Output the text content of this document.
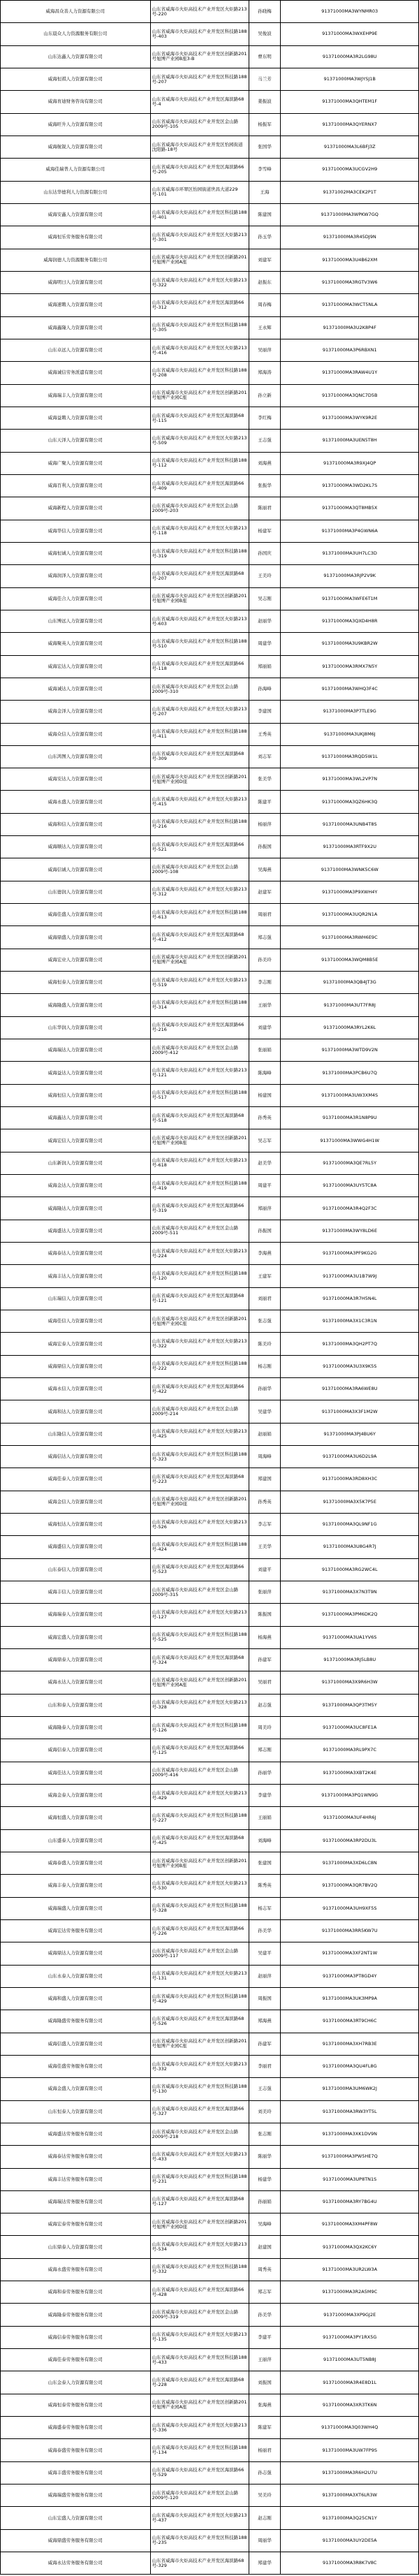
威海昌众善人力资源有限公司	山东省威海市火炬高技术产业开发区火炬路213号-220	孙晓梅	91371000MA3WYNMR03
山东晨众人力资源服务有限公司	山东省威海市火炬高技术产业开发区科技路188号-403	吴俊波	91371000MA3WXEHP9E
山东达鑫人力资源有限公司	山东省威海市火炬高技术产业开发区创新路201号旭博产业园B座3-B	曹东明	91371000MA3R2LG98U
威海恒祺人力资源有限公司	山东省威海市火炬高技术产业开发区科技路188号-207	马兰芳	91371000MA3WJYSJ1B
威海育迪财务咨询有限公司	山东省威海市火炬高技术产业开发区海滨路68号-4	姜振波	91371000MA3QHTEM1F
威海旺升人力资源有限公司	山东省威海市火炬高技术产业开发区金山路2009号-105	杨振军	91371000MA3QYERNX7
威海航锐人力资源有限公司	山东省威海市火炬高技术产业开发区怡园街道沈阳路-18号	张国华	91371000MA3L6BFJ3Z
威海佳瑞普人力资源有限公司	山东省威海市火炬高技术产业开发区海滨路66号-205	李雪峰	91371000MA3UCGV2H9
山东达华德利人力资源有限公司	山东省威海市环翠区怡园街道世昌大道229号-101	王海	91371002MA3CEK2P1T
威海安鑫人力资源有限公司	山东省威海市火炬高技术产业开发区科技路188号-401	陈建国	91371000MA3WPKW7GQ
威海恒乐劳务服务有限公司	山东省威海市火炬高技术产业开发区火炬路213号-301	孙玉华	91371000MA3R45DJ9N
威海润德人力资源服务有限公司	山东省威海市火炬高技术产业开发区创新路201号旭博产业园A座	刘建军	91371000MA3U4B62XM
威海明日人力资源有限公司	山东省威海市火炬高技术产业开发区火炬路213号-322	赵振东	91371000MA3RGTV3W6
威海速聘人力资源有限公司	山东省威海市火炬高技术产业开发区海滨路66号-312	周春梅	91371000MA3WCT5NLA
威海鑫隆人力资源有限公司	山东省威海市火炬高技术产业开发区科技路188号-305	王永辉	91371000MA3U2K8P4F
山东卓远人力资源有限公司	山东省威海市火炬高技术产业开发区火炬路213号-416	吴丽萍	91371000MA3P6RBXN1
威海诚信劳务派遣有限公司	山东省威海市火炬高技术产业开发区科技路188号-208	郑海涛	91371000MA3RAW4U1Y
威海瑞丰人力资源有限公司	山东省威海市火炬高技术产业开发区创新路201号旭博产业园C座	孙立新	91371000MA3QNC7D5B
威海益聘人力资源有限公司	山东省威海市火炬高技术产业开发区海滨路68号-115	李红梅	91371000MA3WYK9R2E
山东天泽人力资源有限公司	山东省威海市火炬高技术产业开发区火炬路213号-509	王志强	91371000MA3UEN5T8H
威海广聚人力资源有限公司	山东省威海市火炬高技术产业开发区科技路188号-112	刘海燕	91371000MA3R9XJ4QP
威海百利人力资源有限公司	山东省威海市火炬高技术产业开发区海滨路66号-409	张振华	91371000MA3WD2KL7S
威海新程人力资源有限公司	山东省威海市火炬高技术产业开发区金山路2009号-203	陈丽君	91371000MA3QT8MB5X
威海华信人力资源有限公司	山东省威海市火炬高技术产业开发区火炬路213号-118	杨建军	91371000MA3P4GWN6A
威海恒诚人力资源有限公司	山东省威海市火炬高技术产业开发区科技路188号-319	孙国庆	91371000MA3UH7LC3D
威海润泽人力资源有限公司	山东省威海市火炬高技术产业开发区海滨路68号-207	王美玲	91371000MA3RJP2V9K
威海佳合人力资源有限公司	山东省威海市火炬高技术产业开发区创新路201号旭博产业园B座	吴志刚	91371000MA3WFE6T1M
山东博远人力资源有限公司	山东省威海市火炬高技术产业开发区火炬路213号-603	赵丽华	91371000MA3QXD4H8R
威海聚英人力资源有限公司	山东省威海市火炬高技术产业开发区科技路188号-510	周建华	91371000MA3U9KBR2W
威海宏达人力资源有限公司	山东省威海市火炬高技术产业开发区海滨路66号-118	郑丽娟	91371000MA3RMX7N5Y
威海诚达人力资源有限公司	山东省威海市火炬高技术产业开发区金山路2009号-310	孙海峰	91371000MA3WHQ3F4C
威海金泽人力资源有限公司	山东省威海市火炬高技术产业开发区火炬路213号-207	李建国	91371000MA3P7TLE9G
威海众信人力资源有限公司	山东省威海市火炬高技术产业开发区科技路188号-411	王秀英	91371000MA3UKJ8M6J
山东鸿图人力资源有限公司	山东省威海市火炬高技术产业开发区海滨路68号-309	刘志军	91371000MA3RQD5W1L
威海安达人力资源有限公司	山东省威海市火炬高技术产业开发区创新路201号旭博产业园D座	张美华	91371000MA3WL2VP7N
威海永盛人力资源有限公司	山东省威海市火炬高技术产业开发区火炬路213号-415	陈建平	91371000MA3QZ6HK3Q
威海和信人力资源有限公司	山东省威海市火炬高技术产业开发区科技路188号-216	杨丽萍	91371000MA3UNB4T8S
威海顺达人力资源有限公司	山东省威海市火炬高技术产业开发区海滨路66号-521	孙振国	91371000MA3RTF9X2U
威海信诚人力资源有限公司	山东省威海市火炬高技术产业开发区金山路2009号-108	吴海燕	91371000MA3WNK5C6W
山东德润人力资源有限公司	山东省威海市火炬高技术产业开发区火炬路213号-312	赵建军	91371000MA3P9XWH4Y
威海佳盛人力资源有限公司	山东省威海市火炬高技术产业开发区科技路188号-613	周丽君	91371000MA3UQR2N1A
威海鼎盛人力资源有限公司	山东省威海市火炬高技术产业开发区海滨路68号-412	郑志强	91371000MA3RWH6E9C
威海宏业人力资源有限公司	山东省威海市火炬高技术产业开发区创新路201号旭博产业园A座	孙美玲	91371000MA3WQM8B5E
威海恒泰人力资源有限公司	山东省威海市火炬高技术产业开发区火炬路213号-519	李志刚	91371000MA3QB4JT3G
威海隆盛人力资源有限公司	山东省威海市火炬高技术产业开发区科技路188号-314	王丽华	91371000MA3UT7FR8J
山东华润人力资源有限公司	山东省威海市火炬高技术产业开发区海滨路66号-216	刘建华	91371000MA3RYL2K6L
威海瑞达人力资源有限公司	山东省威海市火炬高技术产业开发区金山路2009号-412	张丽娟	91371000MA3WTD9V2N
威海益达人力资源有限公司	山东省威海市火炬高技术产业开发区火炬路213号-121	陈海峰	91371000MA3PCB6U7Q
威海恒信人力资源有限公司	山东省威海市火炬高技术产业开发区科技路188号-517	杨建国	91371000MA3UW3XM4S
威海鑫达人力资源有限公司	山东省威海市火炬高技术产业开发区海滨路68号-518	孙秀英	91371000MA3R1N8P9U
威海宏信人力资源有限公司	山东省威海市火炬高技术产业开发区创新路201号旭博产业园B座	吴志军	91371000MA3WWG4H1W
山东新润人力资源有限公司	山东省威海市火炬高技术产业开发区火炬路213号-618	赵美华	91371000MA3QE7RL5Y
威海金达人力资源有限公司	山东省威海市火炬高技术产业开发区科技路188号-419	周建平	91371000MA3UY5TC8A
威海隆达人力资源有限公司	山东省威海市火炬高技术产业开发区海滨路66号-319	郑丽萍	91371000MA3R4Q2F3C
威海盛达人力资源有限公司	山东省威海市火炬高技术产业开发区金山路2009号-511	孙振国	91371000MA3WY8LD6E
威海泰达人力资源有限公司	山东省威海市火炬高技术产业开发区火炬路213号-224	李海燕	91371000MA3PF9KG2G
威海丰达人力资源有限公司	山东省威海市火炬高技术产业开发区科技路188号-120	王建军	91371000MA3U1B7W9J
山东瑞信人力资源有限公司	山东省威海市火炬高技术产业开发区海滨路68号-121	刘丽君	91371000MA3R7H5N4L
威海佳信人力资源有限公司	山东省威海市火炬高技术产业开发区创新路201号旭博产业园C座	张志强	91371000MA3X1C3R1N
威海宏泰人力资源有限公司	山东省威海市火炬高技术产业开发区火炬路213号-322	陈美玲	91371000MA3QH2PT7Q
威海鼎信人力资源有限公司	山东省威海市火炬高技术产业开发区科技路188号-222	杨志刚	91371000MA3U3X9K5S
威海永信人力资源有限公司	山东省威海市火炬高技术产业开发区海滨路66号-422	孙丽华	91371000MA3RA6WE8U
威海和达人力资源有限公司	山东省威海市火炬高技术产业开发区金山路2009号-214	吴建华	91371000MA3X3F1M2W
山东隆信人力资源有限公司	山东省威海市火炬高技术产业开发区火炬路213号-425	赵丽娟	91371000MA3PJ4BU6Y
威海信达人力资源有限公司	山东省威海市火炬高技术产业开发区科技路188号-323	周海峰	91371000MA3U6D2L9A
威海佳泰人力资源有限公司	山东省威海市火炬高技术产业开发区海滨路68号-223	郑建国	91371000MA3RD8XH3C
威海金信人力资源有限公司	山东省威海市火炬高技术产业开发区创新路201号旭博产业园D座	孙秀英	91371000MA3X5K7P5E
威海恒达人力资源有限公司	山东省威海市火炬高技术产业开发区火炬路213号-526	李志军	91371000MA3QL9NF1G
威海盛信人力资源有限公司	山东省威海市火炬高技术产业开发区科技路188号-424	王美华	91371000MA3U8G4R7J
山东泰信人力资源有限公司	山东省威海市火炬高技术产业开发区海滨路66号-523	刘建平	91371000MA3RG2WC4L
威海丰信人力资源有限公司	山东省威海市火炬高技术产业开发区金山路2009号-315	张丽萍	91371000MA3X7N3T9N
威海瑞泰人力资源有限公司	山东省威海市火炬高技术产业开发区火炬路213号-127	陈振国	91371000MA3PM6DK2Q
威海宏盛人力资源有限公司	山东省威海市火炬高技术产业开发区科技路188号-525	杨海燕	91371000MA3UA1YV6S
威海鼎泰人力资源有限公司	山东省威海市火炬高技术产业开发区海滨路68号-324	孙建军	91371000MA3RJ5LB8U
威海永达人力资源有限公司	山东省威海市火炬高技术产业开发区创新路201号旭博产业园A座	吴丽君	91371000MA3X9R6H3W
山东和泰人力资源有限公司	山东省威海市火炬高技术产业开发区火炬路213号-328	赵志强	91371000MA3QP3TM5Y
威海隆泰人力资源有限公司	山东省威海市火炬高技术产业开发区科技路188号-126	周美玲	91371000MA3UC8FE1A
威海信泰人力资源有限公司	山东省威海市火炬高技术产业开发区海滨路66号-125	郑志刚	91371000MA3RL9PX7C
威海佳达人力资源有限公司	山东省威海市火炬高技术产业开发区金山路2009号-416	孙丽华	91371000MA3XBT2K4E
威海金泰人力资源有限公司	山东省威海市火炬高技术产业开发区火炬路213号-429	李建华	91371000MA3PQ1WN9G
威海恒盛人力资源有限公司	山东省威海市火炬高技术产业开发区科技路188号-227	王丽娟	91371000MA3UF4HR6J
山东盛泰人力资源有限公司	山东省威海市火炬高技术产业开发区海滨路68号-425	刘海峰	91371000MA3RP2DU3L
威海泰盛人力资源有限公司	山东省威海市火炬高技术产业开发区创新路201号旭博产业园B座	张建国	91371000MA3XD6LC8N
威海丰泰人力资源有限公司	山东省威海市火炬高技术产业开发区火炬路213号-530	陈秀英	91371000MA3QR7BV2Q
威海瑞盛人力资源有限公司	山东省威海市火炬高技术产业开发区科技路188号-328	杨志军	91371000MA3UH9XF5S
威海宏达劳务服务有限公司	山东省威海市火炬高技术产业开发区海滨路66号-226	孙美华	91371000MA3RR5KW7U
威海鼎达人力资源有限公司	山东省威海市火炬高技术产业开发区金山路2009号-117	吴建平	91371000MA3XF2NT1W
山东永泰人力资源有限公司	山东省威海市火炬高技术产业开发区火炬路213号-131	赵丽萍	91371000MA3PT8GD4Y
威海和盛人力资源有限公司	山东省威海市火炬高技术产业开发区科技路188号-429	周振国	91371000MA3UK3MP9A
威海隆盛劳务服务有限公司	山东省威海市火炬高技术产业开发区海滨路68号-526	郑海燕	91371000MA3RT9CH6C
威海信盛人力资源有限公司	山东省威海市火炬高技术产业开发区创新路201号旭博产业园C座	孙建军	91371000MA3XH7RB3E
威海佳盛劳务服务有限公司	山东省威海市火炬高技术产业开发区火炬路213号-332	李丽君	91371000MA3QU4FL8G
威海金盛人力资源有限公司	山东省威海市火炬高技术产业开发区科技路188号-130	王志强	91371000MA3UM6WK2J
山东恒泰人力资源有限公司	山东省威海市火炬高技术产业开发区海滨路66号-327	刘美玲	91371000MA3RW3YT5L
威海盛达劳务服务有限公司	山东省威海市火炬高技术产业开发区金山路2009号-218	张志刚	91371000MA3XK1DV9N
威海泰达劳务服务有限公司	山东省威海市火炬高技术产业开发区火炬路213号-433	陈丽华	91371000MA3PW5HE7Q
威海丰达劳务服务有限公司	山东省威海市火炬高技术产业开发区科技路188号-231	杨建华	91371000MA3UP8TN1S
威海瑞达劳务服务有限公司	山东省威海市火炬高技术产业开发区海滨路68号-127	孙丽娟	91371000MA3RY7BG4U
威海宏泰劳务服务有限公司	山东省威海市火炬高技术产业开发区创新路201号旭博产业园D座	吴海峰	91371000MA3XM4PF8W
山东鼎泰人力资源有限公司	山东省威海市火炬高技术产业开发区火炬路213号-534	赵建国	91371000MA3QX2KC6Y
威海永盛劳务服务有限公司	山东省威海市火炬高技术产业开发区科技路188号-332	周秀英	91371000MA3UR2LW3A
威海和泰劳务服务有限公司	山东省威海市火炬高技术产业开发区海滨路66号-428	郑志军	91371000MA3R2A5M9C
威海隆泰劳务服务有限公司	山东省威海市火炬高技术产业开发区金山路2009号-319	孙美华	91371000MA3XP9GJ2E
威海信泰劳务服务有限公司	山东省威海市火炬高技术产业开发区火炬路213号-135	李建平	91371000MA3PY1RX5G
威海佳泰劳务服务有限公司	山东省威海市火炬高技术产业开发区科技路188号-433	王丽萍	91371000MA3UT5NB8J
山东金泰人力资源有限公司	山东省威海市火炬高技术产业开发区海滨路68号-228	刘振国	91371000MA3R4E8D1L
威海恒泰劳务服务有限公司	山东省威海市火炬高技术产业开发区创新路201号旭博产业园A座	张海燕	91371000MA3XR3TK6N
威海盛泰劳务服务有限公司	山东省威海市火炬高技术产业开发区火炬路213号-336	陈建军	91371000MA3Q03WH4Q
威海泰盛劳务服务有限公司	山东省威海市火炬高技术产业开发区科技路188号-134	杨丽君	91371000MA3UW7FP9S
威海丰盛劳务服务有限公司	山东省威海市火炬高技术产业开发区海滨路66号-529	孙志强	91371000MA3R6H2U7U
威海瑞盛劳务服务有限公司	山东省威海市火炬高技术产业开发区金山路2009号-120	吴美玲	91371000MA3XT6LR3W
山东宏盛人力资源有限公司	山东省威海市火炬高技术产业开发区火炬路213号-437	赵志刚	91371000MA3Q25CN1Y
威海鼎盛劳务服务有限公司	山东省威海市火炬高技术产业开发区科技路188号-235	周丽华	91371000MA3UY2DE5A
威海永达劳务服务有限公司	山东省威海市火炬高技术产业开发区海滨路68号-329	郑建华	91371000MA3R8K7V8C
